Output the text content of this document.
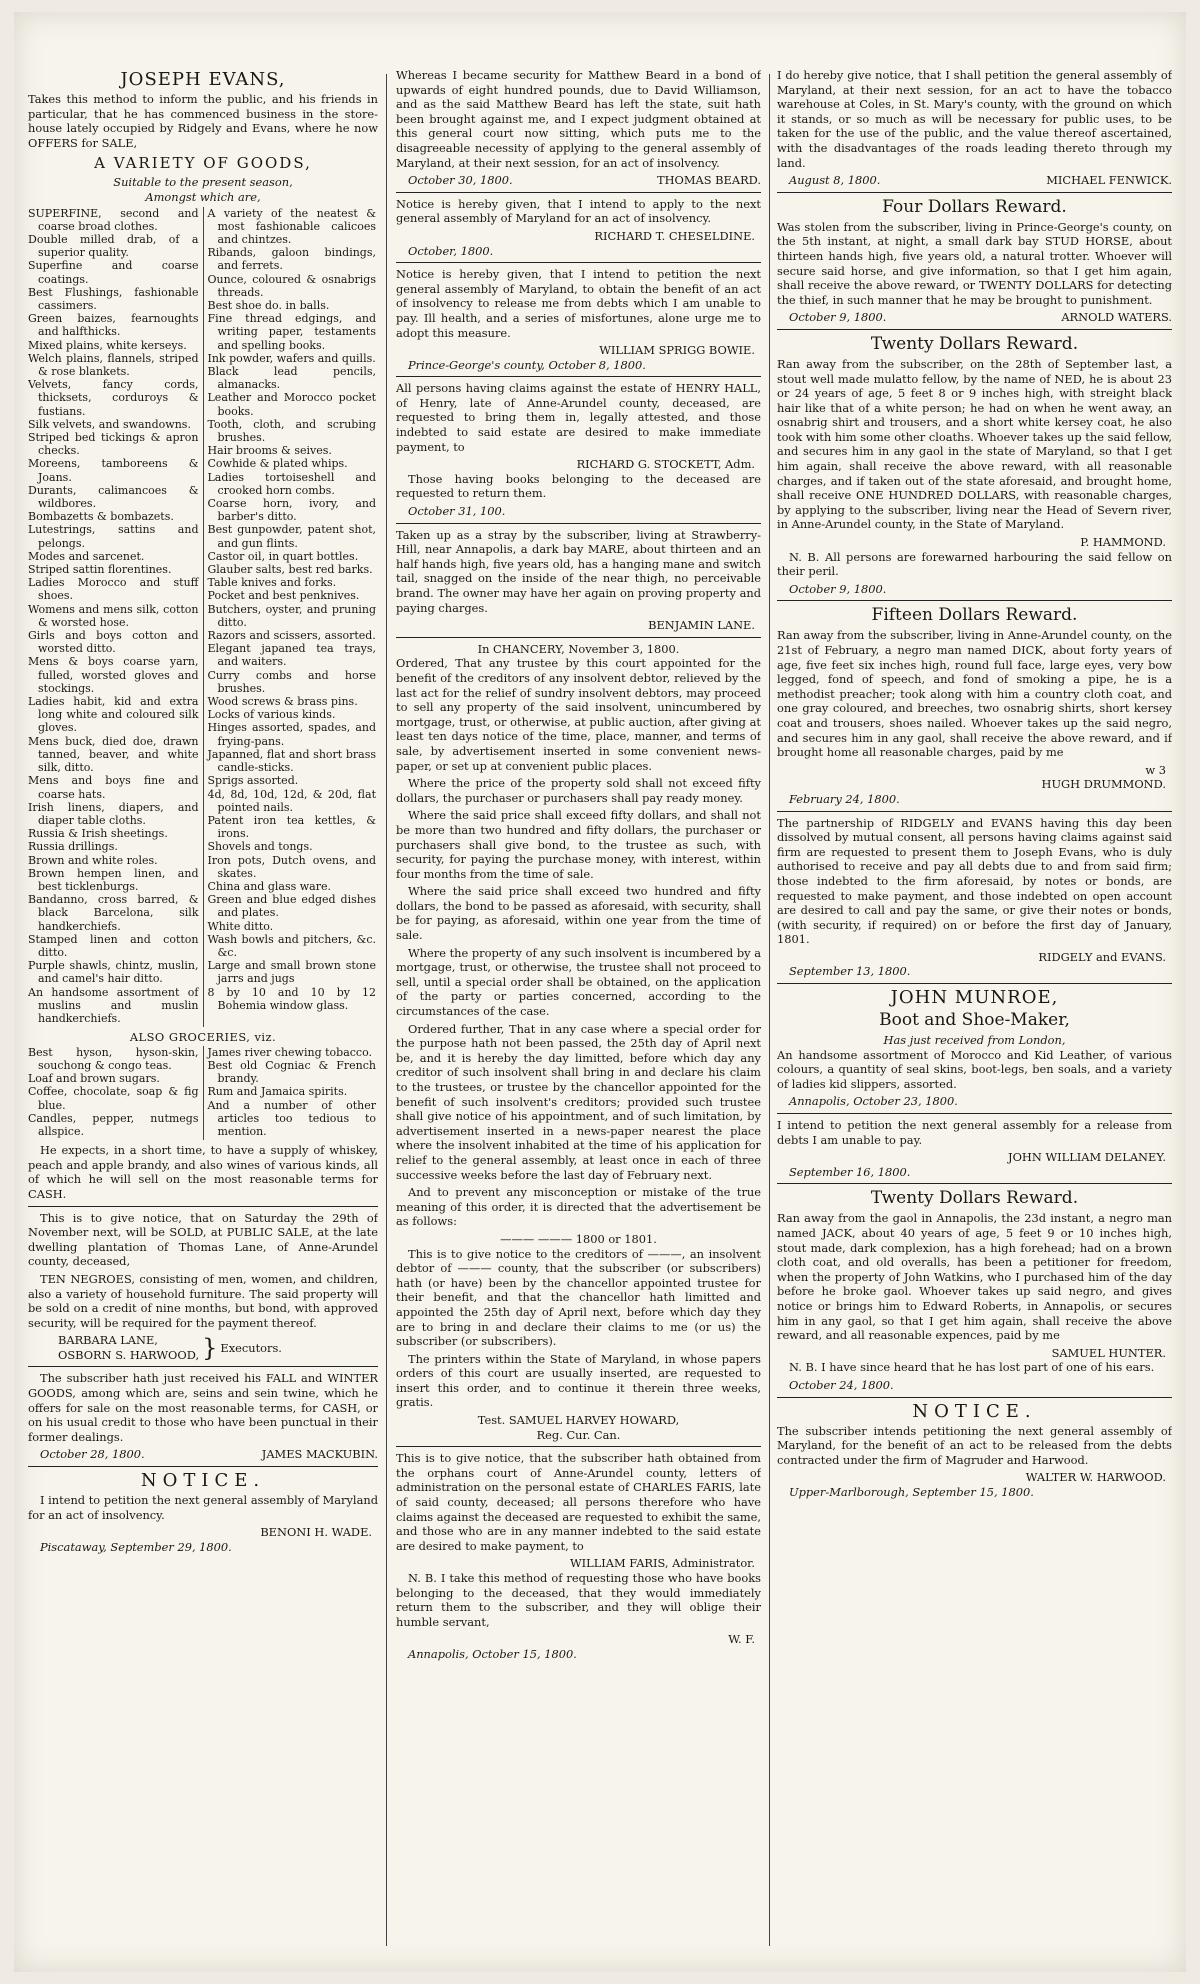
JOSEPH EVANS,

Takes this method to inform the public, and his friends in particular, that he has commenced business in the store-house lately occupied by Ridgely and Evans, where he now OFFERS for SALE,

A VARIETY OF GOODS,
Suitable to the present season,
Amongst which are,
SUPERFINE, second and coarse broad clothes.
Double milled drab, of a superior quality.
Superfine and coarse coatings.
Best Flushings, fashionable cassimers.
Green baizes, fearnoughts and halfthicks.
Mixed plains, white kerseys.
Welch plains, flannels, striped & rose blankets.
Velvets, fancy cords, thicksets, corduroys & fustians.
Silk velvets, and swandowns.
Striped bed tickings & apron checks.
Moreens, tamboreens & Joans.
Durants, calimancoes & wildbores.
Bombazetts & bombazets.
Lutestrings, sattins and pelongs.
Modes and sarcenet.
Striped sattin florentines.
Ladies Morocco and stuff shoes.
Womens and mens silk, cotton & worsted hose.
Girls and boys cotton and worsted ditto.
Mens & boys coarse yarn, fulled, worsted gloves and stockings.
Ladies habit, kid and extra long white and coloured silk gloves.
Mens buck, died doe, drawn tanned, beaver, and white silk, ditto.
Mens and boys fine and coarse hats.
Irish linens, diapers, and diaper table cloths.
Russia & Irish sheetings.
Russia drillings.
Brown and white roles.
Brown hempen linen, and best ticklenburgs.
Bandanno, cross barred, & black Barcelona, silk handkerchiefs.
Stamped linen and cotton ditto.
Purple shawls, chintz, muslin, and camel's hair ditto.
An handsome assortment of muslins and muslin handkerchiefs.

A variety of the neatest & most fashionable calicoes and chintzes.
Ribands, galoon bindings, and ferrets.
Ounce, coloured & osnabrigs threads.
Best shoe do. in balls.
Fine thread edgings, and writing paper, testaments and spelling books.
Ink powder, wafers and quills.
Black lead pencils, almanacks.
Leather and Morocco pocket books.
Tooth, cloth, and scrubing brushes.
Hair brooms & seives.
Cowhide & plated whips.
Ladies tortoiseshell and crooked horn combs.
Coarse horn, ivory, and barber's ditto.
Best gunpowder, patent shot, and gun flints.
Castor oil, in quart bottles.
Glauber salts, best red barks.
Table knives and forks.
Pocket and best penknives.
Butchers, oyster, and pruning ditto.
Razors and scissers, assorted.
Elegant japaned tea trays, and waiters.
Curry combs and horse brushes.
Wood screws & brass pins.
Locks of various kinds.
Hinges assorted, spades, and frying-pans.
Japanned, flat and short brass candle-sticks.
Sprigs assorted.
4d, 8d, 10d, 12d, & 20d, flat pointed nails.
Patent iron tea kettles, & irons.
Shovels and tongs.
Iron pots, Dutch ovens, and skates.
China and glass ware.
Green and blue edged dishes and plates.
White ditto.
Wash bowls and pitchers, &c. &c.
Large and small brown stone jarrs and jugs
8 by 10 and 10 by 12 Bohemia window glass.
ALSO GROCERIES, viz.
Best hyson, hyson-skin, souchong & congo teas.
Loaf and brown sugars.
Coffee, chocolate, soap & fig blue.
Candles, pepper, nutmegs allspice.

James river chewing tobacco.
Best old Cogniac & French brandy.
Rum and Jamaica spirits.
And a number of other articles too tedious to mention.

He expects, in a short time, to have a supply of whiskey, peach and apple brandy, and also wines of various kinds, all of which he will sell on the most reasonable terms for CASH.

This is to give notice, that on Saturday the 29th of November next, will be SOLD, at PUBLIC SALE, at the late dwelling plantation of Thomas Lane, of Anne-Arundel county, deceased,

TEN NEGROES, consisting of men, women, and children, also a variety of household furniture. The said property will be sold on a credit of nine months, but bond, with approved security, will be required for the payment thereof.

BARBARA LANE,
OSBORN S. HARWOOD, } Executors.

The subscriber hath just received his FALL and WINTER GOODS, among which are, seins and sein twine, which he offers for sale on the most reasonable terms, for CASH, or on his usual credit to those who have been punctual in their former dealings.

October 28, 1800.	JAMES MACKUBIN.
NOTICE.

I intend to petition the next general assembly of Maryland for an act of insolvency.

BENONI H. WADE.
Piscataway, September 29, 1800.

Whereas I became security for Matthew Beard in a bond of upwards of eight hundred pounds, due to David Williamson, and as the said Matthew Beard has left the state, suit hath been brought against me, and I expect judgment obtained at this general court now sitting, which puts me to the disagreeable necessity of applying to the general assembly of Maryland, at their next session, for an act of insolvency.

October 30, 1800.	THOMAS BEARD.

Notice is hereby given, that I intend to apply to the next general assembly of Maryland for an act of insolvency.

RICHARD T. CHESELDINE.
October, 1800.

Notice is hereby given, that I intend to petition the next general assembly of Maryland, to obtain the benefit of an act of insolvency to release me from debts which I am unable to pay. Ill health, and a series of misfortunes, alone urge me to adopt this measure.

WILLIAM SPRIGG BOWIE.
Prince-George's county, October 8, 1800.

All persons having claims against the estate of HENRY HALL, of Henry, late of Anne-Arundel county, deceased, are requested to bring them in, legally attested, and those indebted to said estate are desired to make immediate payment, to

RICHARD G. STOCKETT, Adm.

Those having books belonging to the deceased are requested to return them.

October 31, 100.

Taken up as a stray by the subscriber, living at Strawberry-Hill, near Annapolis, a dark bay MARE, about thirteen and an half hands high, five years old, has a hanging mane and switch tail, snagged on the inside of the near thigh, no perceivable brand. The owner may have her again on proving property and paying charges.

BENJAMIN LANE.
In CHANCERY, November 3, 1800.

Ordered, That any trustee by this court appointed for the benefit of the creditors of any insolvent debtor, relieved by the last act for the relief of sundry insolvent debtors, may proceed to sell any property of the said insolvent, unincumbered by mortgage, trust, or otherwise, at public auction, after giving at least ten days notice of the time, place, manner, and terms of sale, by advertisement inserted in some convenient news-paper, or set up at convenient public places.

Where the price of the property sold shall not exceed fifty dollars, the purchaser or purchasers shall pay ready money.

Where the said price shall exceed fifty dollars, and shall not be more than two hundred and fifty dollars, the purchaser or purchasers shall give bond, to the trustee as such, with security, for paying the purchase money, with interest, within four months from the time of sale.

Where the said price shall exceed two hundred and fifty dollars, the bond to be passed as aforesaid, with security, shall be for paying, as aforesaid, within one year from the time of sale.

Where the property of any such insolvent is incumbered by a mortgage, trust, or otherwise, the trustee shall not proceed to sell, until a special order shall be obtained, on the application of the party or parties concerned, according to the circumstances of the case.

Ordered further, That in any case where a special order for the purpose hath not been passed, the 25th day of April next be, and it is hereby the day limitted, before which day any creditor of such insolvent shall bring in and declare his claim to the trustees, or trustee by the chancellor appointed for the benefit of such insolvent's creditors; provided such trustee shall give notice of his appointment, and of such limitation, by advertisement inserted in a news-paper nearest the place where the insolvent inhabited at the time of his application for relief to the general assembly, at least once in each of three successive weeks before the last day of February next.

And to prevent any misconception or mistake of the true meaning of this order, it is directed that the advertisement be as follows:

——— ——— 1800 or 1801.

This is to give notice to the creditors of ———, an insolvent debtor of ——— county, that the subscriber (or subscribers) hath (or have) been by the chancellor appointed trustee for their benefit, and that the chancellor hath limitted and appointed the 25th day of April next, before which day they are to bring in and declare their claims to me (or us) the subscriber (or subscribers).

The printers within the State of Maryland, in whose papers orders of this court are usually inserted, are requested to insert this order, and to continue it therein three weeks, gratis.

Test. SAMUEL HARVEY HOWARD,
Reg. Cur. Can.

This is to give notice, that the subscriber hath obtained from the orphans court of Anne-Arundel county, letters of administration on the personal estate of CHARLES FARIS, late of said county, deceased; all persons therefore who have claims against the deceased are requested to exhibit the same, and those who are in any manner indebted to the said estate are desired to make payment, to

WILLIAM FARIS, Administrator.

N. B. I take this method of requesting those who have books belonging to the deceased, that they would immediately return them to the subscriber, and they will oblige their humble servant,

W. F.
Annapolis, October 15, 1800.

I do hereby give notice, that I shall petition the general assembly of Maryland, at their next session, for an act to have the tobacco warehouse at Coles, in St. Mary's county, with the ground on which it stands, or so much as will be necessary for public uses, to be taken for the use of the public, and the value thereof ascertained, with the disadvantages of the roads leading thereto through my land.

August 8, 1800.	MICHAEL FENWICK.
Four Dollars Reward.

Was stolen from the subscriber, living in Prince-George's county, on the 5th instant, at night, a small dark bay STUD HORSE, about thirteen hands high, five years old, a natural trotter. Whoever will secure said horse, and give information, so that I get him again, shall receive the above reward, or TWENTY DOLLARS for detecting the thief, in such manner that he may be brought to punishment.

October 9, 1800.	ARNOLD WATERS.
Twenty Dollars Reward.

Ran away from the subscriber, on the 28th of September last, a stout well made mulatto fellow, by the name of NED, he is about 23 or 24 years of age, 5 feet 8 or 9 inches high, with streight black hair like that of a white person; he had on when he went away, an osnabrig shirt and trousers, and a short white kersey coat, he also took with him some other cloaths. Whoever takes up the said fellow, and secures him in any gaol in the state of Maryland, so that I get him again, shall receive the above reward, with all reasonable charges, and if taken out of the state aforesaid, and brought home, shall receive ONE HUNDRED DOLLARS, with reasonable charges, by applying to the subscriber, living near the Head of Severn river, in Anne-Arundel county, in the State of Maryland.

P. HAMMOND.

N. B. All persons are forewarned harbouring the said fellow on their peril.

October 9, 1800.
Fifteen Dollars Reward.

Ran away from the subscriber, living in Anne-Arundel county, on the 21st of February, a negro man named DICK, about forty years of age, five feet six inches high, round full face, large eyes, very bow legged, fond of speech, and fond of smoking a pipe, he is a methodist preacher; took along with him a country cloth coat, and one gray coloured, and breeches, two osnabrig shirts, short kersey coat and trousers, shoes nailed. Whoever takes up the said negro, and secures him in any gaol, shall receive the above reward, and if brought home all reasonable charges, paid by me

w 3
HUGH DRUMMOND.
February 24, 1800.

The partnership of RIDGELY and EVANS having this day been dissolved by mutual consent, all persons having claims against said firm are requested to present them to Joseph Evans, who is duly authorised to receive and pay all debts due to and from said firm; those indebted to the firm aforesaid, by notes or bonds, are requested to make payment, and those indebted on open account are desired to call and pay the same, or give their notes or bonds, (with security, if required) on or before the first day of January, 1801.

RIDGELY and EVANS.
September 13, 1800.
JOHN MUNROE,
Boot and Shoe-Maker,
Has just received from London,

An handsome assortment of Morocco and Kid Leather, of various colours, a quantity of seal skins, boot-legs, ben soals, and a variety of ladies kid slippers, assorted.

Annapolis, October 23, 1800.

I intend to petition the next general assembly for a release from debts I am unable to pay.

JOHN WILLIAM DELANEY.
September 16, 1800.
Twenty Dollars Reward.

Ran away from the gaol in Annapolis, the 23d instant, a negro man named JACK, about 40 years of age, 5 feet 9 or 10 inches high, stout made, dark complexion, has a high forehead; had on a brown cloth coat, and old overalls, has been a petitioner for freedom, when the property of John Watkins, who I purchased him of the day before he broke gaol. Whoever takes up said negro, and gives notice or brings him to Edward Roberts, in Annapolis, or secures him in any gaol, so that I get him again, shall receive the above reward, and all reasonable expences, paid by me

SAMUEL HUNTER.

N. B. I have since heard that he has lost part of one of his ears.

October 24, 1800.
NOTICE.

The subscriber intends petitioning the next general assembly of Maryland, for the benefit of an act to be released from the debts contracted under the firm of Magruder and Harwood.

WALTER W. HARWOOD.
Upper-Marlborough, September 15, 1800.
